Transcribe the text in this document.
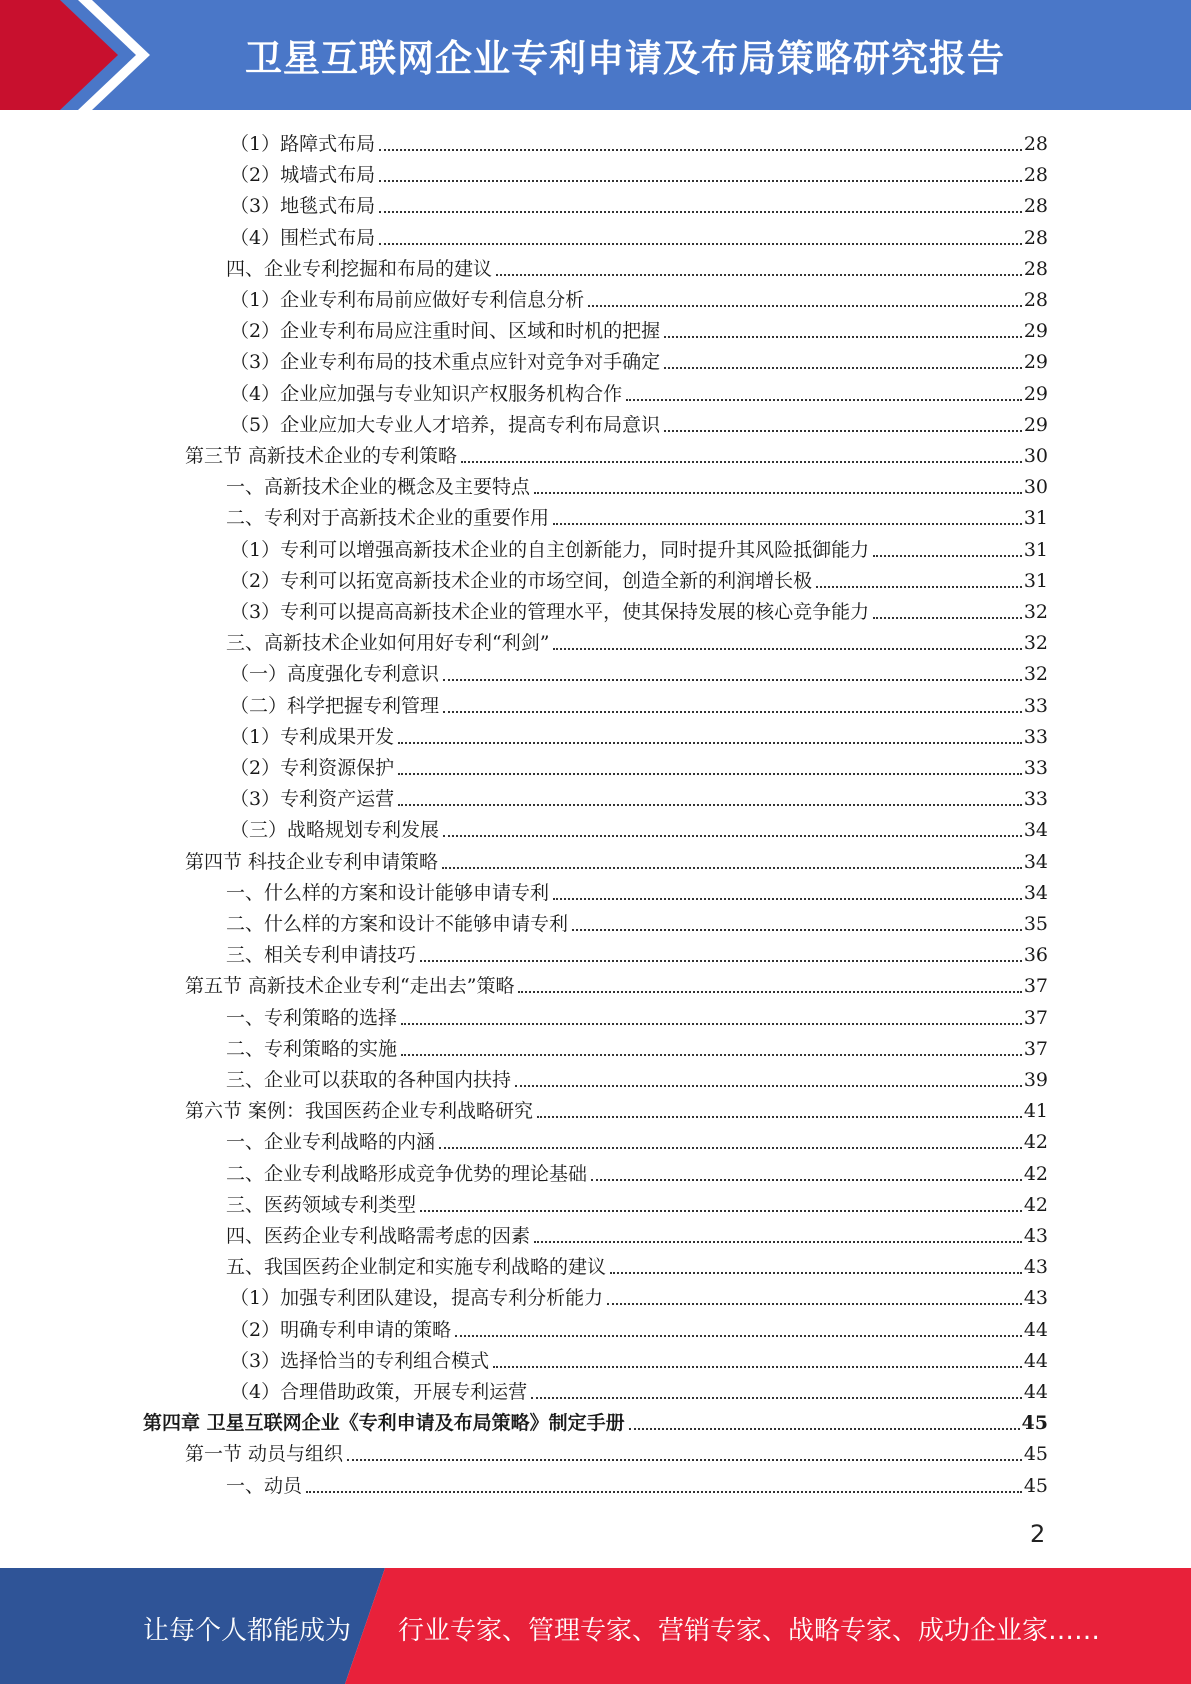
卫星互联网企业专利申请及布局策略研究报告
（1）路障式布局	28
（2）城墙式布局	28
（3）地毯式布局	28
（4）围栏式布局	28
四、企业专利挖掘和布局的建议	28
（1）企业专利布局前应做好专利信息分析	28
（2）企业专利布局应注重时间、区域和时机的把握	29
（3）企业专利布局的技术重点应针对竞争对手确定	29
（4）企业应加强与专业知识产权服务机构合作	29
（5）企业应加大专业人才培养，提高专利布局意识	29
第三节 高新技术企业的专利策略	30
一、高新技术企业的概念及主要特点	30
二、专利对于高新技术企业的重要作用	31
（1）专利可以增强高新技术企业的自主创新能力，同时提升其风险抵御能力	31
（2）专利可以拓宽高新技术企业的市场空间，创造全新的利润增长极	31
（3）专利可以提高高新技术企业的管理水平，使其保持发展的核心竞争能力	32
三、高新技术企业如何用好专利“利剑”	32
（一）高度强化专利意识	32
（二）科学把握专利管理	33
（1）专利成果开发	33
（2）专利资源保护	33
（3）专利资产运营	33
（三）战略规划专利发展	34
第四节 科技企业专利申请策略	34
一、什么样的方案和设计能够申请专利	34
二、什么样的方案和设计不能够申请专利	35
三、相关专利申请技巧	36
第五节 高新技术企业专利“走出去”策略	37
一、专利策略的选择	37
二、专利策略的实施	37
三、企业可以获取的各种国内扶持	39
第六节 案例：我国医药企业专利战略研究	41
一、企业专利战略的内涵	42
二、企业专利战略形成竞争优势的理论基础	42
三、医药领域专利类型	42
四、医药企业专利战略需考虑的因素	43
五、我国医药企业制定和实施专利战略的建议	43
（1）加强专利团队建设，提高专利分析能力	43
（2）明确专利申请的策略	44
（3）选择恰当的专利组合模式	44
（4）合理借助政策，开展专利运营	44
第四章 卫星互联网企业《专利申请及布局策略》制定手册	45
第一节 动员与组织	45
一、动员	45
2
让每个人都能成为 行业专家、管理专家、营销专家、战略专家、成功企业家……
